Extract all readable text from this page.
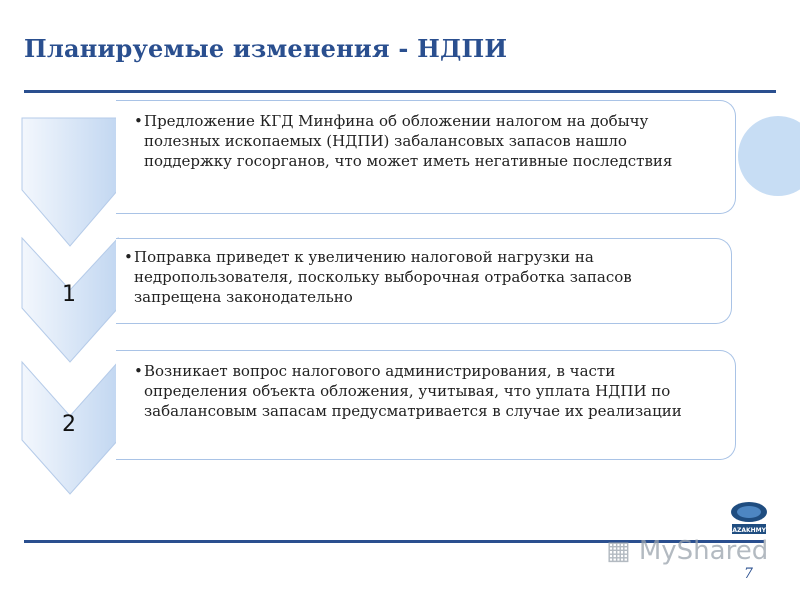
Планируемые изменения - НДПИ
1
2

• Предложение КГД Минфина об обложении налогом на добычу полезных ископаемых (НДПИ) забалансовых запасов нашло поддержку госорганов, что может иметь негативные последствия

• Поправка приведет к увеличению налоговой нагрузки на недропользователя, поскольку выборочная отработка запасов запрещена законодательно

• Возникает вопрос налогового администрирования, в части определения объекта обложения, учитывая, что уплата НДПИ по забалансовым запасам предусматривается в случае их реализации

KAZAKHMYS
▦ MyShared
7
